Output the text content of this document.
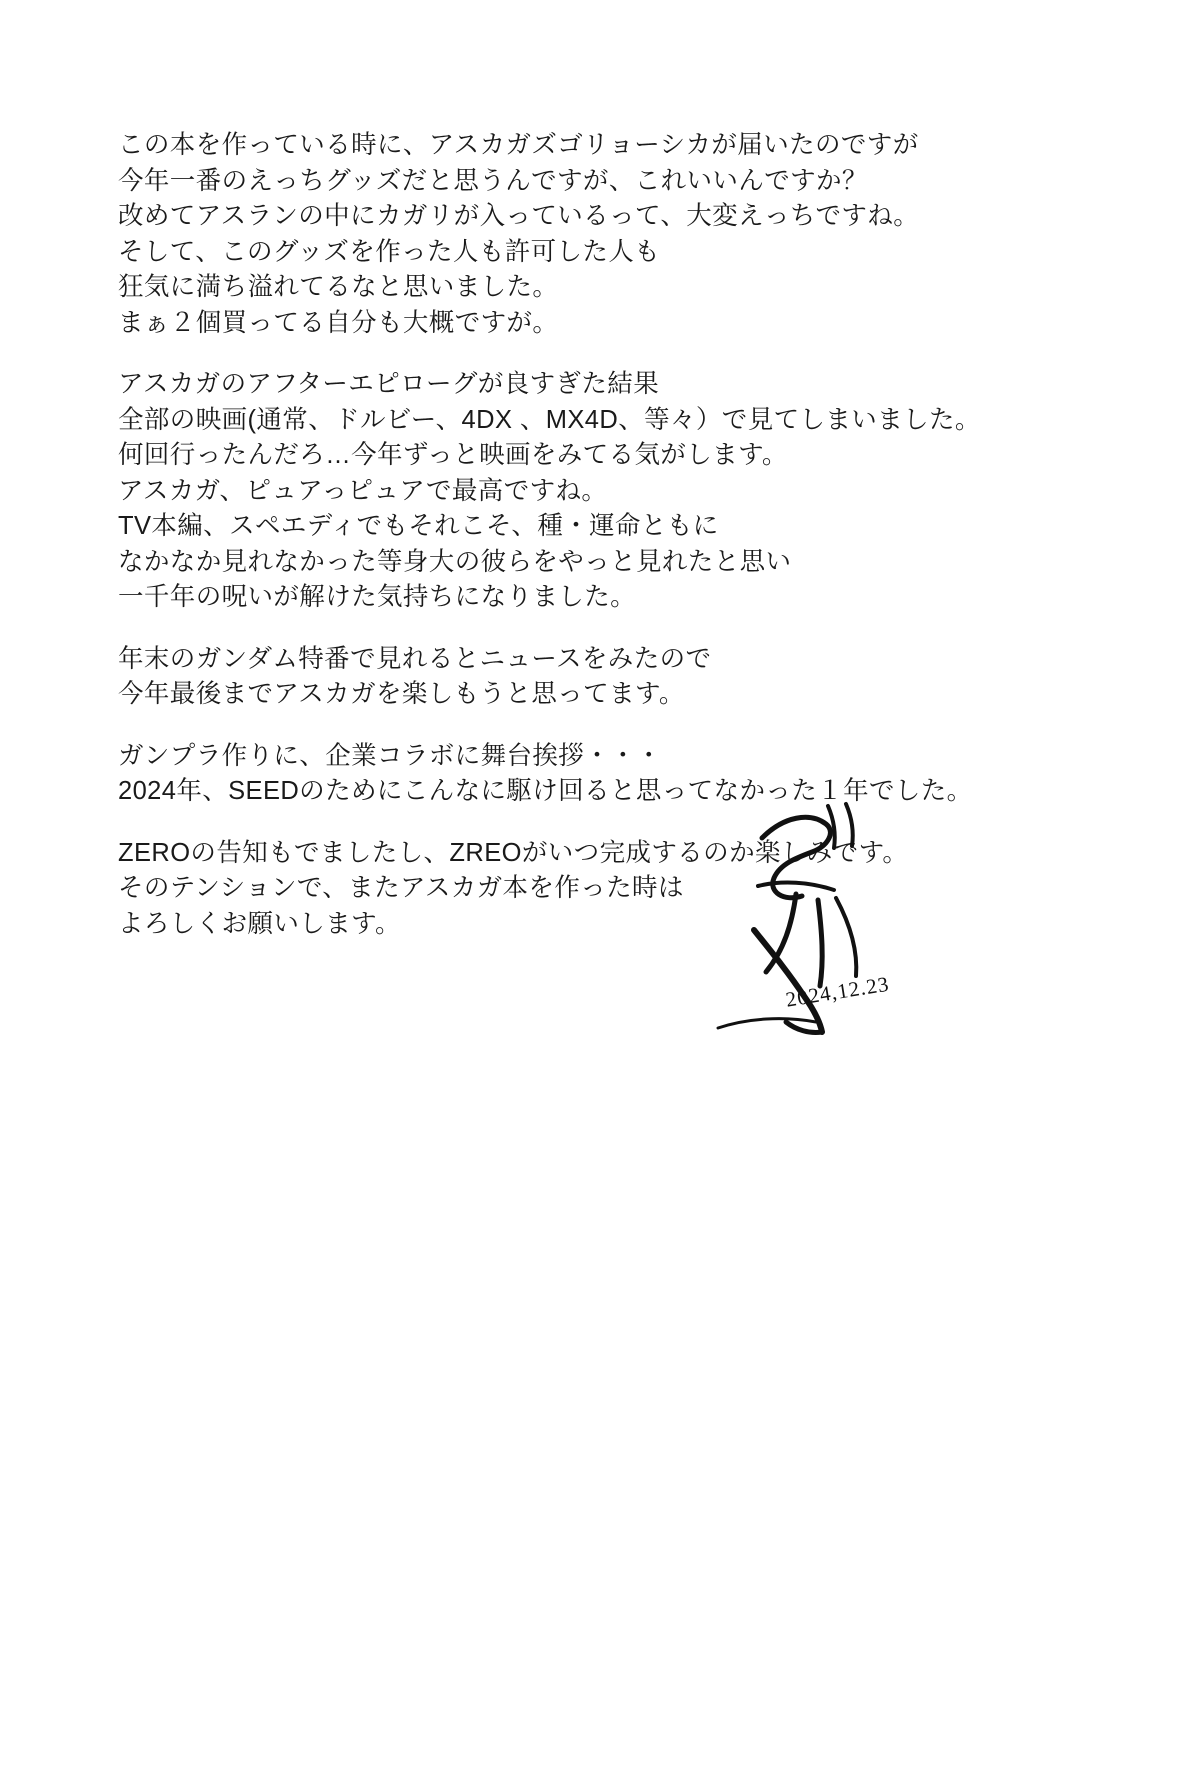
この本を作っている時に、アスカガズゴリョーシカが届いたのですが
今年一番のえっちグッズだと思うんですが、これいいんですか？
改めてアスランの中にカガリが入っているって、大変えっちですね。
そして、このグッズを作った人も許可した人も
狂気に満ち溢れてるなと思いました。
まぁ２個買ってる自分も大概ですが。
アスカガのアフターエピローグが良すぎた結果
全部の映画(通常、ドルビー、4DX 、MX4D、等々）で見てしまいました。
何回行ったんだろ…今年ずっと映画をみてる気がします。
アスカガ、ピュアっピュアで最高ですね。
TV本編、スペエディでもそれこそ、種・運命ともに
なかなか見れなかった等身大の彼らをやっと見れたと思い
一千年の呪いが解けた気持ちになりました。
年末のガンダム特番で見れるとニュースをみたので
今年最後までアスカガを楽しもうと思ってます。
ガンプラ作りに、企業コラボに舞台挨拶・・・
2024年、SEEDのためにこんなに駆け回ると思ってなかった１年でした。
ZEROの告知もでましたし、ZREOがいつ完成するのか楽しみです。
そのテンションで、またアスカガ本を作った時は
よろしくお願いします。
2024,12.23
